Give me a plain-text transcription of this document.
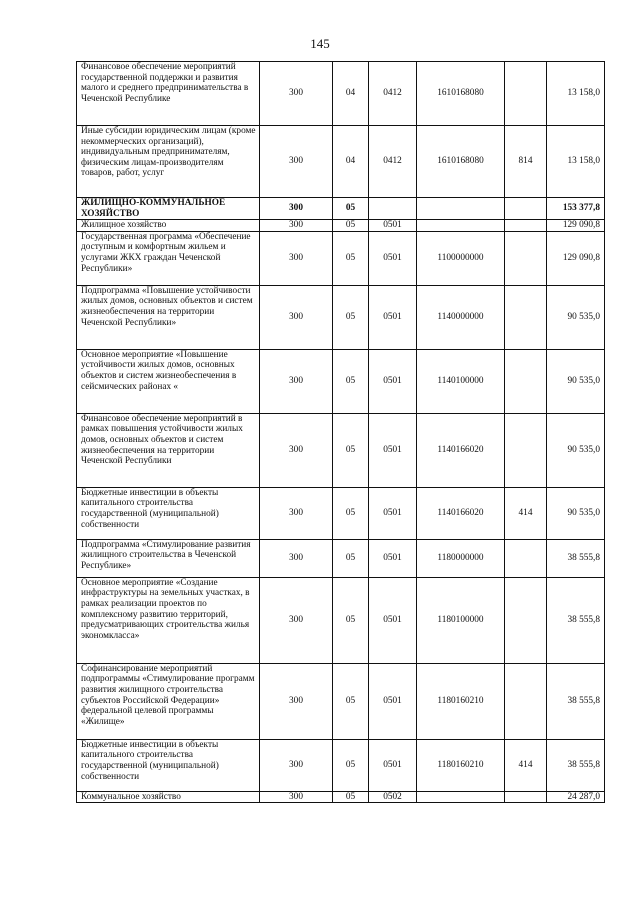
145
Финансовое обеспечение мероприятий государственной поддержки и развития малого и среднего предпринимательства в Чеченской Республике	300	04	0412	1610168080		13 158,0
Иные субсидии юридическим лицам (кроме некоммерческих организаций), индивидуальным предпринимателям, физическим лицам-производителям товаров, работ, услуг	300	04	0412	1610168080	814	13 158,0
ЖИЛИЩНО-КОММУНАЛЬНОЕ ХОЗЯЙСТВО	300	05				153 377,8
Жилищное хозяйство	300	05	0501			129 090,8
Государственная программа «Обеспечение доступным и комфортным жильем и услугами ЖКХ граждан Чеченской Республики»	300	05	0501	1100000000		129 090,8
Подпрограмма «Повышение устойчивости жилых домов, основных объектов и систем жизнеобеспечения на территории Чеченской Республики»	300	05	0501	1140000000		90 535,0
Основное мероприятие «Повышение устойчивости жилых домов, основных объектов и систем жизнеобеспечения в сейсмических районах «	300	05	0501	1140100000		90 535,0
Финансовое обеспечение мероприятий в рамках повышения устойчивости жилых домов, основных объектов и систем жизнеобеспечения на территории Чеченской Республики	300	05	0501	1140166020		90 535,0
Бюджетные инвестиции в объекты капитального строительства государственной (муниципальной) собственности	300	05	0501	1140166020	414	90 535,0
Подпрограмма «Стимулирование развития жилищного строительства в Чеченской Республике»	300	05	0501	1180000000		38 555,8
Основное мероприятие «Создание инфраструктуры на земельных участках, в рамках реализации проектов по комплексному развитию территорий, предусматривающих строительства жилья экономкласса»	300	05	0501	1180100000		38 555,8
Софинансирование мероприятий подпрограммы «Стимулирование программ развития жилищного строительства субъектов Российской Федерации» федеральной целевой программы «Жилище»	300	05	0501	1180160210		38 555,8
Бюджетные инвестиции в объекты капитального строительства государственной (муниципальной) собственности	300	05	0501	1180160210	414	38 555,8
Коммунальное хозяйство	300	05	0502			24 287,0
